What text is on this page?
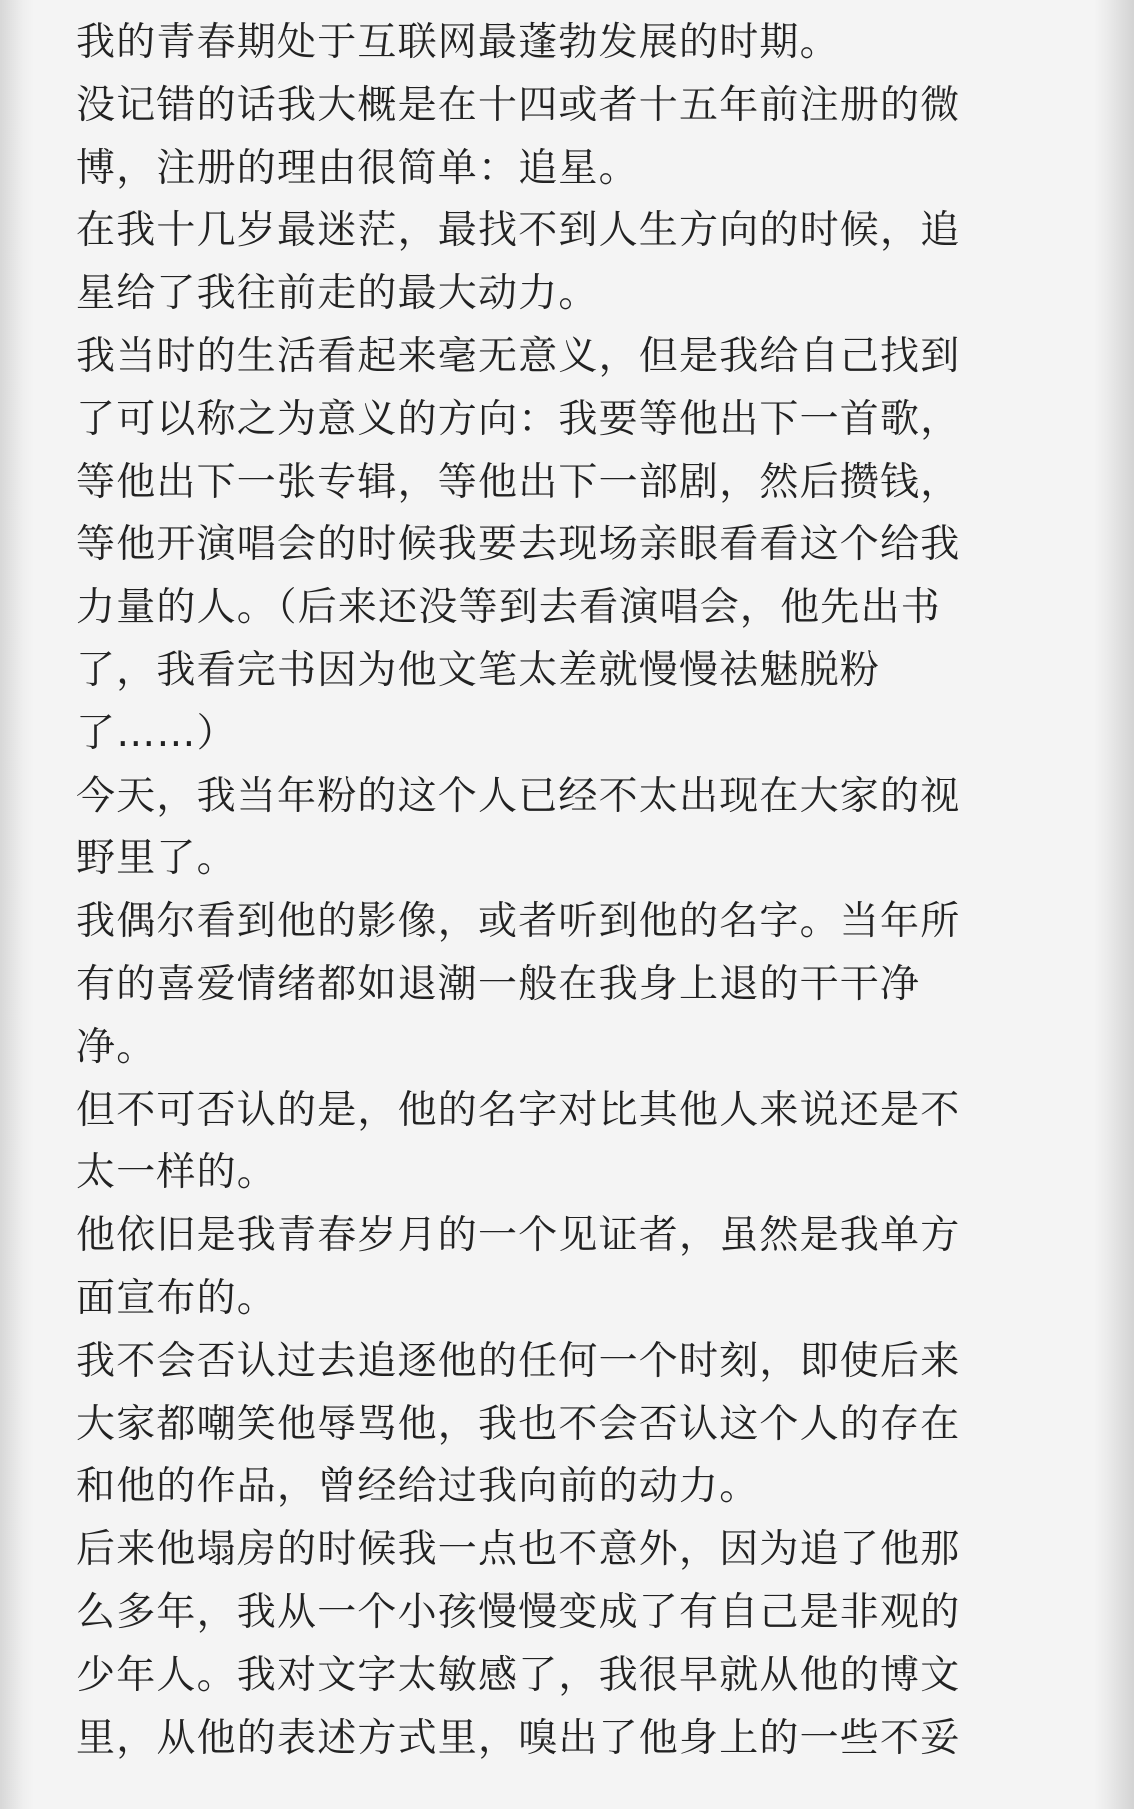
我的青春期处于互联网最蓬勃发展的时期。
没记错的话我大概是在十四或者十五年前注册的微
博，注册的理由很简单：追星。
在我十几岁最迷茫，最找不到人生方向的时候，追
星给了我往前走的最大动力。
我当时的生活看起来毫无意义，但是我给自己找到
了可以称之为意义的方向：我要等他出下一首歌，
等他出下一张专辑，等他出下一部剧，然后攒钱，
等他开演唱会的时候我要去现场亲眼看看这个给我
力量的人。（后来还没等到去看演唱会，他先出书
了，我看完书因为他文笔太差就慢慢祛魅脱粉
了……）
今天，我当年粉的这个人已经不太出现在大家的视
野里了。
我偶尔看到他的影像，或者听到他的名字。当年所
有的喜爱情绪都如退潮一般在我身上退的干干净
净。
但不可否认的是，他的名字对比其他人来说还是不
太一样的。
他依旧是我青春岁月的一个见证者，虽然是我单方
面宣布的。
我不会否认过去追逐他的任何一个时刻，即使后来
大家都嘲笑他辱骂他，我也不会否认这个人的存在
和他的作品，曾经给过我向前的动力。
后来他塌房的时候我一点也不意外，因为追了他那
么多年，我从一个小孩慢慢变成了有自己是非观的
少年人。我对文字太敏感了，我很早就从他的博文
里，从他的表述方式里，嗅出了他身上的一些不妥
